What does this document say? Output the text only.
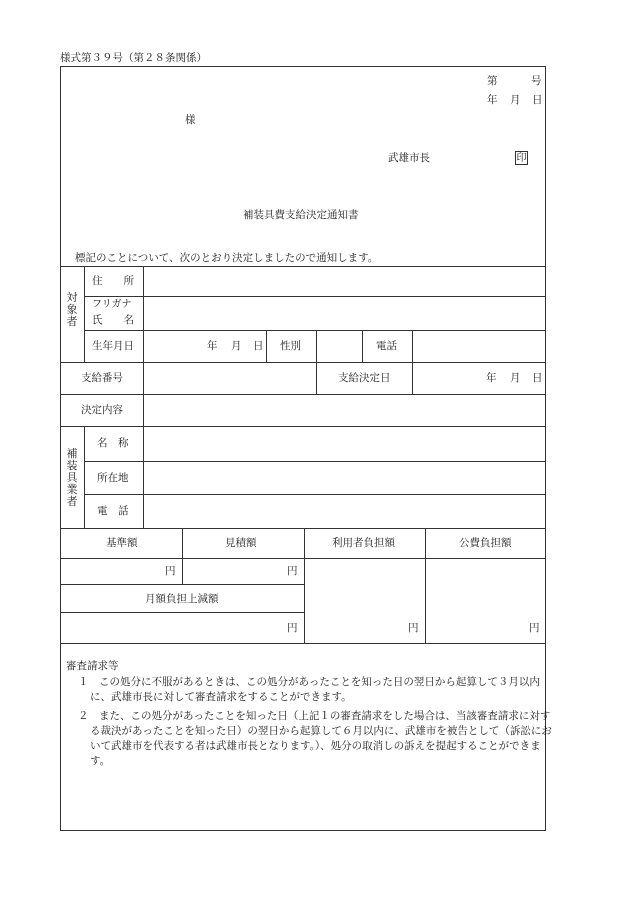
様式第３９号（第２８条関係）
第	号
年 月 日
様
武雄市長	印
補装具費支給決定通知書
標記のことについて、次のとおり決定しましたので通知します。
対象者
住　　所
フリガナ
氏　　名
生年月日	年 月 日 性別	電話
支給番号	支給決定日	年 月 日
決定内容
補装具業者
名　称
所在地
電　話
基準額	見積額	利用者負担額	公費負担額
円	円
月額負担上減額
円	円	円
審査請求等
１　この処分に不服があるときは、この処分があったことを知った日の翌日から起算して３月以内に、武雄市長に対して審査請求をすることができます。
２　また、この処分があったことを知った日（上記１の審査請求をした場合は、当該審査請求に対する裁決があったことを知った日）の翌日から起算して６月以内に、武雄市を被告として（訴訟において武雄市を代表する者は武雄市長となります。）、処分の取消しの訴えを提起することができます。
